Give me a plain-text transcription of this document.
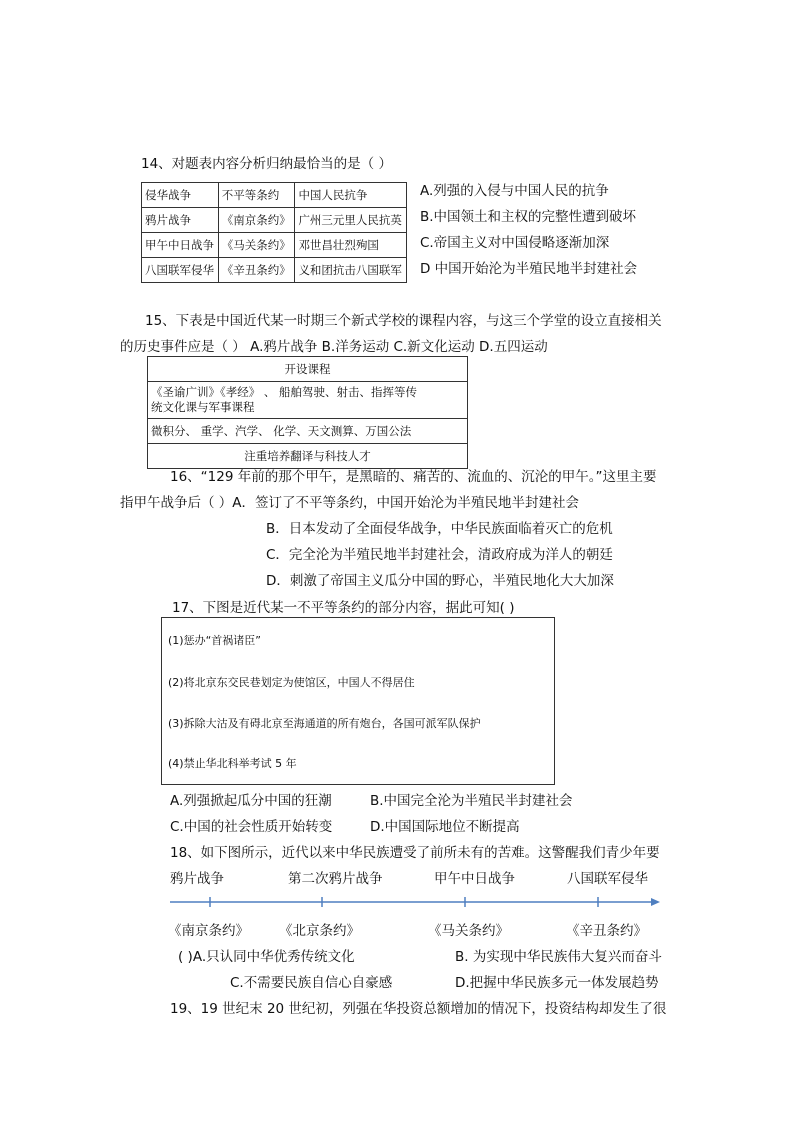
14、对题表内容分析归纳最恰当的是（ ）
侵华战争	不平等条约	中国人民抗争
鸦片战争	《南京条约》	广州三元里人民抗英
甲午中日战争	《马关条约》	邓世昌壮烈殉国
八国联军侵华	《辛丑条约》	义和团抗击八国联军
A.列强的入侵与中国人民的抗争
B.中国领土和主权的完整性遭到破坏
C.帝国主义对中国侵略逐渐加深
D 中国开始沦为半殖民地半封建社会
15、下表是中国近代某一时期三个新式学校的课程内容，与这三个学堂的设立直接相关
的历史事件应是（ ） A.鸦片战争 B.洋务运动 C.新文化运动 D.五四运动
开设课程
《圣谕广训》《孝经》 、 船舶驾驶、射击、指挥等传
统文化课与军事课程
微积分、 重学、汽学、 化学、天文测算、万国公法
注重培养翻译与科技人才
16、“129 年前的那个甲午，是黑暗的、痛苦的、流血的、沉沦的甲午。”这里主要
指甲午战争后（ ）A．签订了不平等条约，中国开始沦为半殖民地半封建社会
B．日本发动了全面侵华战争，中华民族面临着灭亡的危机
C．完全沦为半殖民地半封建社会，清政府成为洋人的朝廷
D．刺激了帝国主义瓜分中国的野心，半殖民地化大大加深
17、下图是近代某一不平等条约的部分内容，据此可知( )
(1)惩办“首祸诸臣”
(2)将北京东交民巷划定为使馆区，中国人不得居住
(3)拆除大沽及有碍北京至海通道的所有炮台，各国可派军队保护
(4)禁止华北科举考试 5 年
A.列强掀起瓜分中国的狂潮	B.中国完全沦为半殖民半封建社会
C.中国的社会性质开始转变	D.中国国际地位不断提高
18、如下图所示，近代以来中华民族遭受了前所未有的苦难。这警醒我们青少年要
鸦片战争	第二次鸦片战争	甲午中日战争	八国联军侵华
《南京条约》 《北京条约》	《马关条约》	《辛丑条约》
( )A.只认同中华优秀传统文化	B. 为实现中华民族伟大复兴而奋斗
C.不需要民族自信心自豪感	D.把握中华民族多元一体发展趋势
19、19 世纪末 20 世纪初，列强在华投资总额增加的情况下，投资结构却发生了很
